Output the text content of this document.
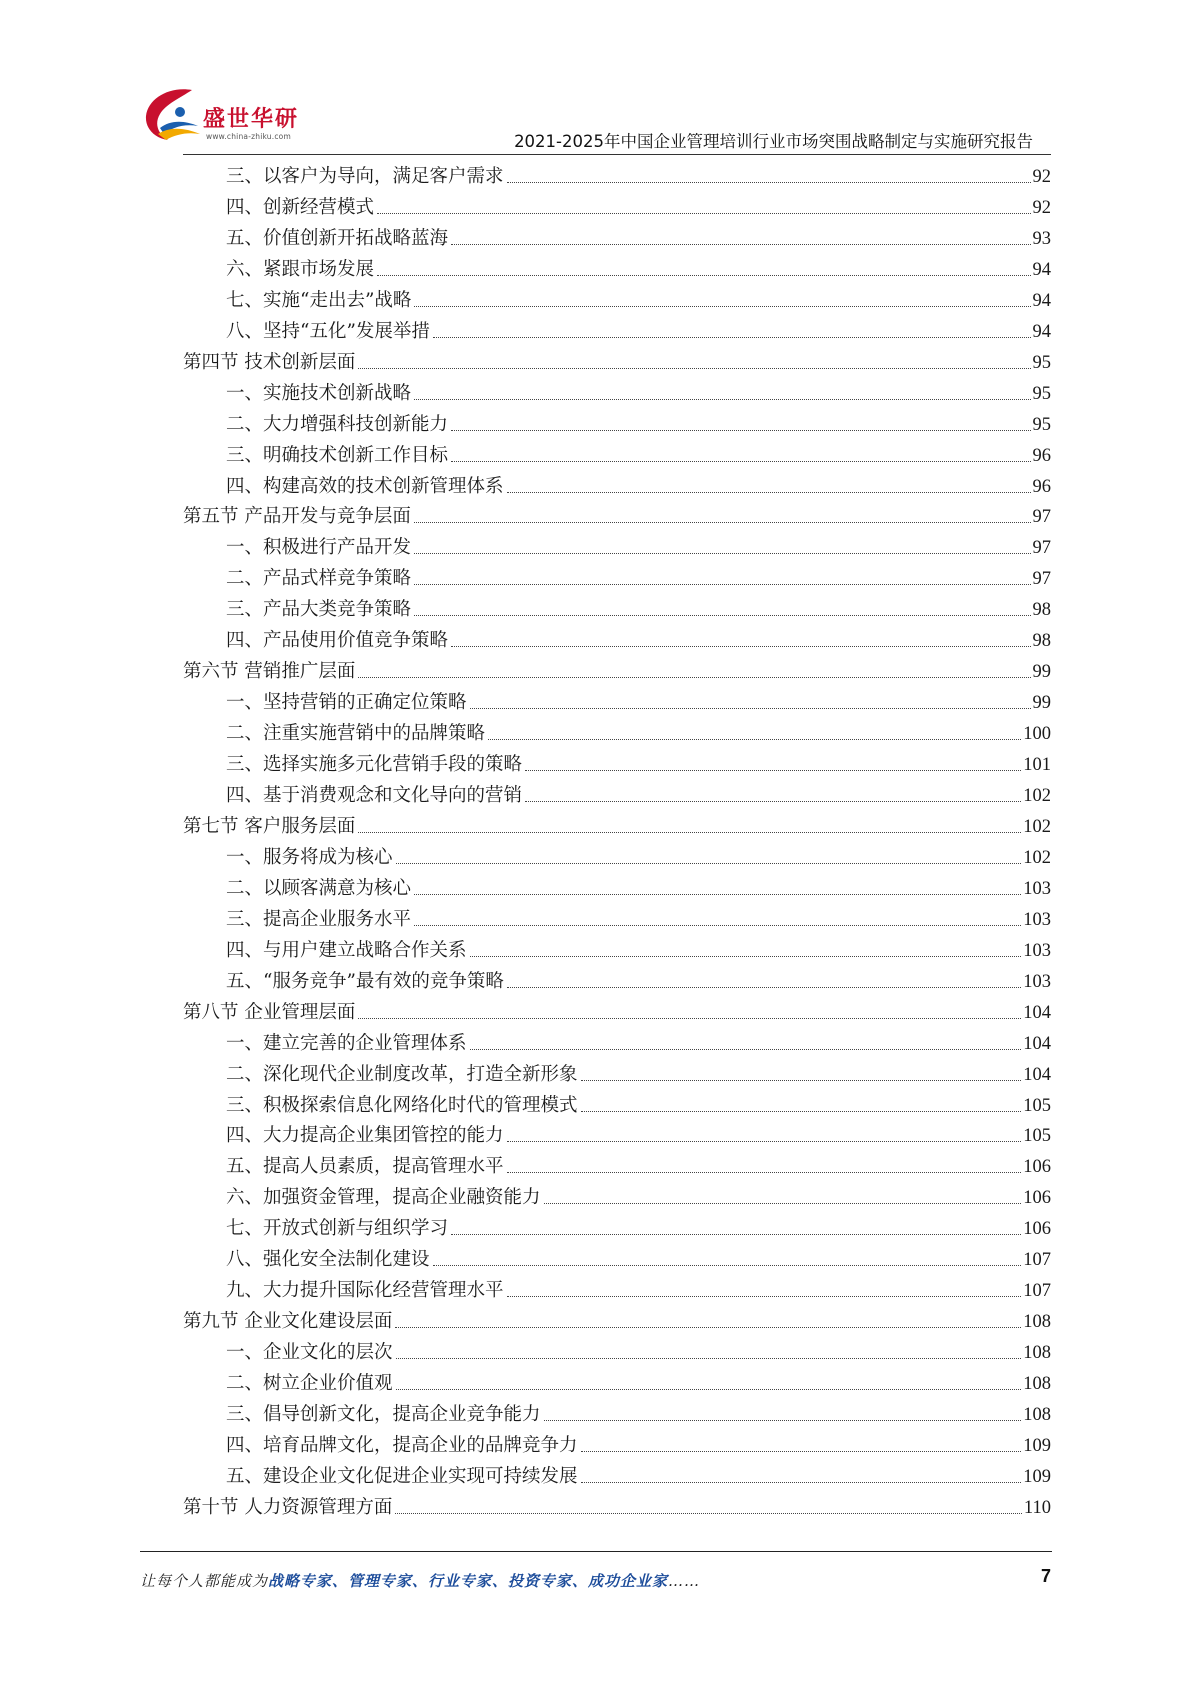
盛世华研
www.china-zhiku.com	2021-2025年中国企业管理培训行业市场突围战略制定与实施研究报告
三、以客户为导向，满足客户需求	92
四、创新经营模式	92
五、价值创新开拓战略蓝海	93
六、紧跟市场发展	94
七、实施“走出去”战略	94
八、坚持“五化”发展举措	94
第四节 技术创新层面	95
一、实施技术创新战略	95
二、大力增强科技创新能力	95
三、明确技术创新工作目标	96
四、构建高效的技术创新管理体系	96
第五节 产品开发与竞争层面	97
一、积极进行产品开发	97
二、产品式样竞争策略	97
三、产品大类竞争策略	98
四、产品使用价值竞争策略	98
第六节 营销推广层面	99
一、坚持营销的正确定位策略	99
二、注重实施营销中的品牌策略	100
三、选择实施多元化营销手段的策略	101
四、基于消费观念和文化导向的营销	102
第七节 客户服务层面	102
一、服务将成为核心	102
二、以顾客满意为核心	103
三、提高企业服务水平	103
四、与用户建立战略合作关系	103
五、“服务竞争”最有效的竞争策略	103
第八节 企业管理层面	104
一、建立完善的企业管理体系	104
二、深化现代企业制度改革，打造全新形象	104
三、积极探索信息化网络化时代的管理模式	105
四、大力提高企业集团管控的能力	105
五、提高人员素质，提高管理水平	106
六、加强资金管理，提高企业融资能力	106
七、开放式创新与组织学习	106
八、强化安全法制化建设	107
九、大力提升国际化经营管理水平	107
第九节 企业文化建设层面	108
一、企业文化的层次	108
二、树立企业价值观	108
三、倡导创新文化，提高企业竞争能力	108
四、培育品牌文化，提高企业的品牌竞争力	109
五、建设企业文化促进企业实现可持续发展	109
第十节 人力资源管理方面	110
让每个人都能成为战略专家、管理专家、行业专家、投资专家、成功企业家……	7
